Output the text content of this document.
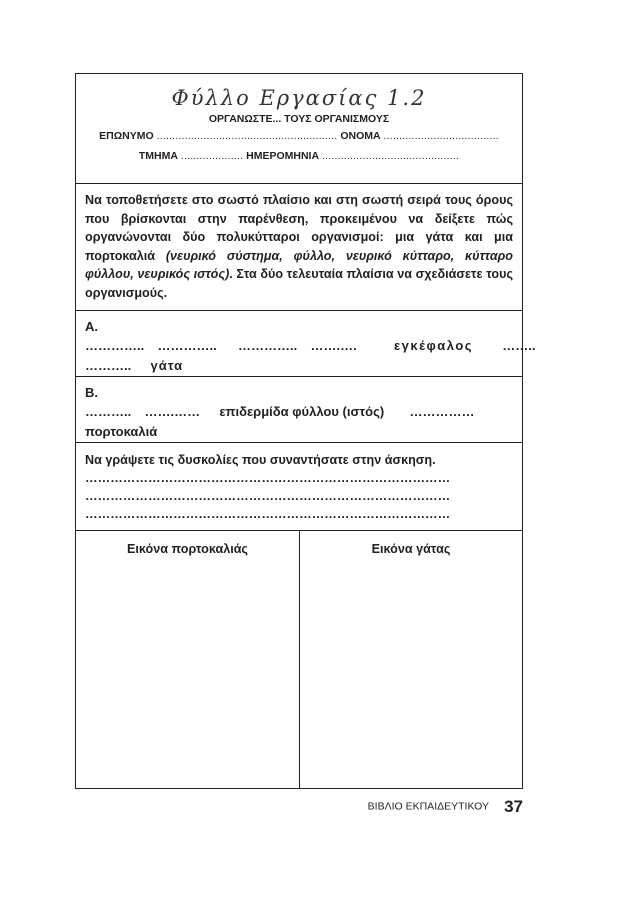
Φύλλο Εργασίας 1.2
ΟΡΓΑΝΩΣΤΕ... ΤΟΥΣ ΟΡΓΑΝΙΣΜΟΥΣ
ΕΠΩΝΥΜΟ .......................................................... ΟΝΟΜΑ .....................................
ΤΜΗΜΑ .................... ΗΜΕΡΟΜΗΝΙΑ ............................................

Να τοποθετήσετε στο σωστό πλαίσιο και στη σωστή σειρά τους όρους που βρίσκονται στην παρένθεση, προκειμένου να δείξετε πώς οργανώνονται δύο πολυκύτταροι οργανισμοί: μια γάτα και μια πορτοκαλιά (νευρικό σύστημα, φύλλο, νευρικό κύτταρο, κύτταρο φύλλου, νευρικός ιστός). Στα δύο τελευταία πλαίσια να σχεδιάσετε τους οργανισμούς.

Α.
………….. ………….. ………….. …….….	εγκέφαλος ……..
……….. γάτα
Β.
……….. …….…… επιδερμίδα φύλλου (ιστός) ……………
πορτοκαλιά
Να γράψετε τις δυσκολίες που συναντήσατε στην άσκηση.
……………………………………………………………………………
……………………………………………………………………………
……………………………………………………………………………
Εικόνα πορτοκαλιάς	Εικόνα γάτας
ΒΙΒΛΙΟ ΕΚΠΑΙΔΕΥΤΙΚΟΥ 37
